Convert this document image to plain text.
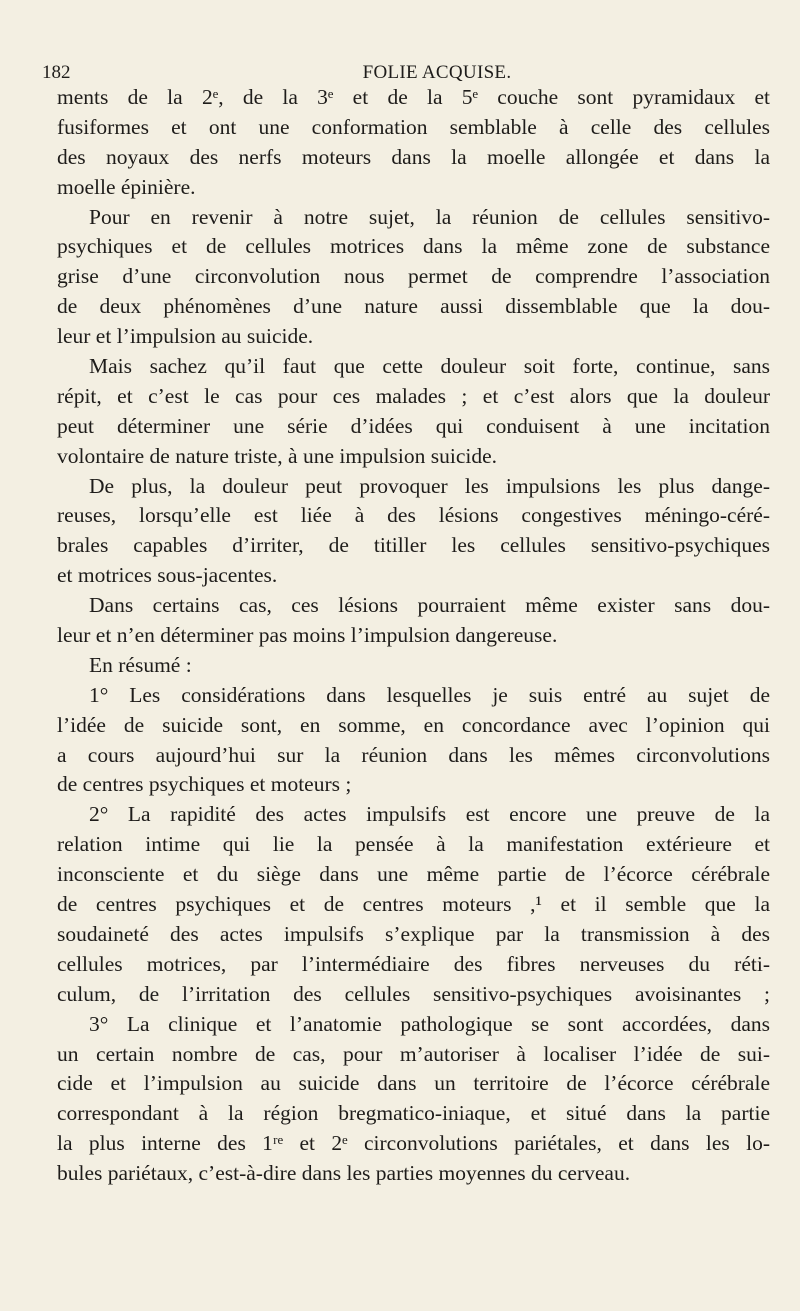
182	FOLIE ACQUISE.
ments de la 2ᵉ, de la 3ᵉ et de la 5ᵉ couche sont pyramidaux et
fusiformes et ont une conformation semblable à celle des cellules
des noyaux des nerfs moteurs dans la moelle allongée et dans la
moelle épinière.
Pour en revenir à notre sujet, la réunion de cellules sensitivo-
psychiques et de cellules motrices dans la même zone de substance
grise d’une circonvolution nous permet de comprendre l’association
de deux phénomènes d’une nature aussi dissemblable que la dou-
leur et l’impulsion au suicide.
Mais sachez qu’il faut que cette douleur soit forte, continue, sans
répit, et c’est le cas pour ces malades ; et c’est alors que la douleur
peut déterminer une série d’idées qui conduisent à une incitation
volontaire de nature triste, à une impulsion suicide.
De plus, la douleur peut provoquer les impulsions les plus dange-
reuses, lorsqu’elle est liée à des lésions congestives méningo-céré-
brales capables d’irriter, de titiller les cellules sensitivo-psychiques
et motrices sous-jacentes.
Dans certains cas, ces lésions pourraient même exister sans dou-
leur et n’en déterminer pas moins l’impulsion dangereuse.
En résumé :
1° Les considérations dans lesquelles je suis entré au sujet de
l’idée de suicide sont, en somme, en concordance avec l’opinion qui
a cours aujourd’hui sur la réunion dans les mêmes circonvolutions
de centres psychiques et moteurs ;
2° La rapidité des actes impulsifs est encore une preuve de la
relation intime qui lie la pensée à la manifestation extérieure et
inconsciente et du siège dans une même partie de l’écorce cérébrale
de centres psychiques et de centres moteurs ,¹ et il semble que la
soudaineté des actes impulsifs s’explique par la transmission à des
cellules motrices, par l’intermédiaire des fibres nerveuses du réti-
culum, de l’irritation des cellules sensitivo-psychiques avoisinantes ;
3° La clinique et l’anatomie pathologique se sont accordées, dans
un certain nombre de cas, pour m’autoriser à localiser l’idée de sui-
cide et l’impulsion au suicide dans un territoire de l’écorce cérébrale
correspondant à la région bregmatico-iniaque, et situé dans la partie
la plus interne des 1ʳᵉ et 2ᵉ circonvolutions pariétales, et dans les lo-
bules pariétaux, c’est-à-dire dans les parties moyennes du cerveau.
